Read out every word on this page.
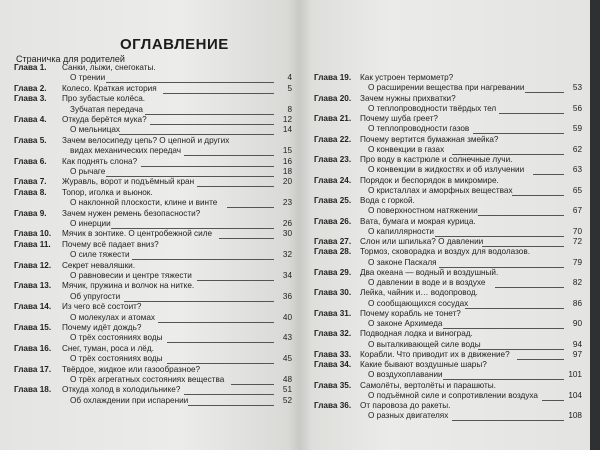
ОГЛАВЛЕНИЕ
Страничка для родителей
Глава 1.	Санки, лыжи, снегокаты.
О трении	4
Глава 2.	Колесо. Краткая история	5
Глава 3.	Про зубастые колёса.
Зубчатая передача	8
Глава 4.	Откуда берётся мука?	12
О мельницах	14
Глава 5.	Зачем велосипеду цепь? О цепной и других
видах механических передач	15
Глава 6.	Как поднять слона?	16
О рычаге	18
Глава 7.	Журавль, ворот и подъёмный кран	20
Глава 8.	Топор, иголка и вьюнок.
О наклонной плоскости, клине и винте	23
Глава 9.	Зачем нужен ремень безопасности?
О инерции	26
Глава 10.	Мячик в зонтике. О центробежной силе	30
Глава 11.	Почему всё падает вниз?
О силе тяжести	32
Глава 12.	Секрет неваляшки.
О равновесии и центре тяжести	34
Глава 13.	Мячик, пружина и волчок на нитке.
Об упругости	36
Глава 14.	Из чего всё состоит?
О молекулах и атомах	40
Глава 15.	Почему идёт дождь?
О трёх состояниях воды	43
Глава 16.	Снег, туман, роса и лёд.
О трёх состояниях воды	45
Глава 17.	Твёрдое, жидкое или газообразное?
О трёх агрегатных состояниях вещества	48
Глава 18.	Откуда холод в холодильнике?	51
Об охлаждении при испарении	52
Глава 19.	Как устроен термометр?
О расширении вещества при нагревании	53
Глава 20.	Зачем нужны прихватки?
О теплопроводности твёрдых тел	56
Глава 21.	Почему шуба греет?
О теплопроводности газов	59
Глава 22.	Почему вертится бумажная змейка?
О конвекции в газах	62
Глава 23.	Про воду в кастрюле и солнечные лучи.
О конвекции в жидкостях и об излучении	63
Глава 24.	Порядок и беспорядок в микромире.
О кристаллах и аморфных веществах	65
Глава 25.	Вода с горкой.
О поверхностном натяжении	67
Глава 26.	Вата, бумага и мокрая курица.
О капиллярности	70
Глава 27.	Слон или шпилька? О давлении	72
Глава 28.	Тормоз, сковорадка и воздух для водолазов.
О законе Паскаля	79
Глава 29.	Два океана — водный и воздушный.
О давлении в воде и в воздухе	82
Глава 30.	Лейка, чайник и… водопровод.
О сообщающихся сосудах	86
Глава 31.	Почему корабль не тонет?
О законе Архимеда	90
Глава 32.	Подводная лодка и виноград.
О выталкивающей силе воды	94
Глава 33.	Корабли. Что приводит их в движение?	97
Глава 34.	Какие бывают воздушные шары?
О воздухоплавании	101
Глава 35.	Самолёты, вертолёты и парашюты.
О подъёмной силе и сопротивлении воздуха	104
Глава 36.	От паровоза до ракеты.
О разных двигателях	108
